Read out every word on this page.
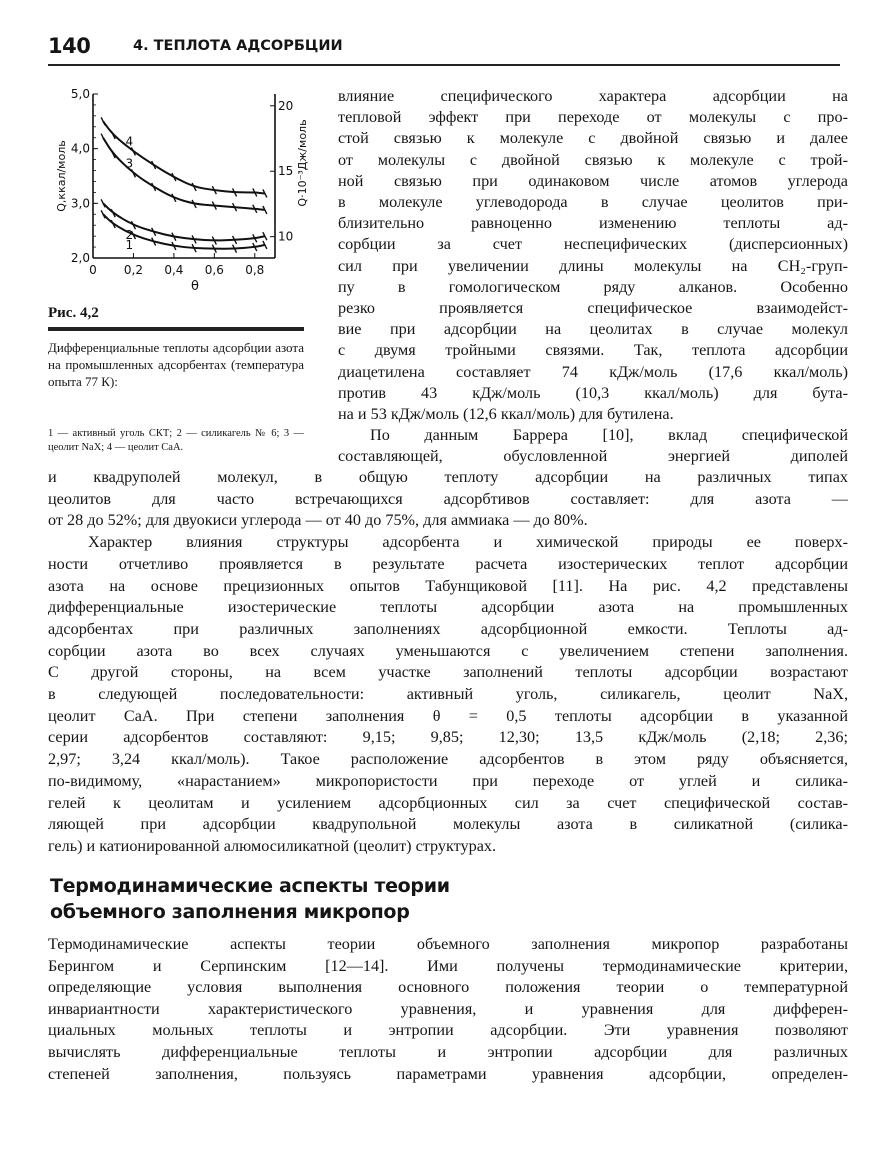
140	4. ТЕПЛОТА АДСОРБЦИИ
0 0,2 0,4 0,6 0,8
2,0
3,0
4,0
5,0
10
15
20
Q,ккал/моль	Q·10⁻³Дж/моль
θ
1
2
3
4
Рис. 4,2
Дифференциальные теплоты адсорбции азота на промышленных адсорбентах (температура опыта 77 К):
1 — активный уголь СКТ; 2 — силикагель № 6; 3 — цеолит NaX; 4 — цеолит CaA.
влияние специфического характера адсорбции на
тепловой эффект при переходе от молекулы с про-
стой связью к молекуле с двойной связью и далее
от молекулы с двойной связью к молекуле с трой-
ной связью при одинаковом числе атомов углерода
в молекуле углеводорода в случае цеолитов при-
близительно равноценно изменению теплоты ад-
сорбции за счет неспецифических (дисперсионных)
сил при увеличении длины молекулы на CH₂-груп-
пу в гомологическом ряду алканов. Особенно
резко проявляется специфическое взаимодейст-
вие при адсорбции на цеолитах в случае молекул
с двумя тройными связями. Так, теплота адсорбции
диацетилена составляет 74 кДж/моль (17,6 ккал/моль)
против 43 кДж/моль (10,3 ккал/моль) для бута-
на и 53 кДж/моль (12,6 ккал/моль) для бутилена.
По данным Баррера [10], вклад специфической
составляющей, обусловленной энергией диполей
и квадруполей молекул, в общую теплоту адсорбции на различных типах
цеолитов для часто встречающихся адсорбтивов составляет: для азота —
от 28 до 52%; для двуокиси углерода — от 40 до 75%, для аммиака — до 80%.
Характер влияния структуры адсорбента и химической природы ее поверх-
ности отчетливо проявляется в результате расчета изостерических теплот адсорбции
азота на основе прецизионных опытов Табунщиковой [11]. На рис. 4,2 представлены
дифференциальные изостерические теплоты адсорбции азота на промышленных
адсорбентах при различных заполнениях адсорбционной емкости. Теплоты ад-
сорбции азота во всех случаях уменьшаются с увеличением степени заполнения.
С другой стороны, на всем участке заполнений теплоты адсорбции возрастают
в следующей последовательности: активный уголь, силикагель, цеолит NaX,
цеолит CaA. При степени заполнения θ = 0,5 теплоты адсорбции в указанной
серии адсорбентов составляют: 9,15; 9,85; 12,30; 13,5 кДж/моль (2,18; 2,36;
2,97; 3,24 ккал/моль). Такое расположение адсорбентов в этом ряду объясняется,
по-видимому, «нарастанием» микропористости при переходе от углей и силика-
гелей к цеолитам и усилением адсорбционных сил за счет специфической состав-
ляющей при адсорбции квадрупольной молекулы азота в силикатной (силика-
гель) и катионированной алюмосиликатной (цеолит) структурах.
Термодинамические аспекты теории
объемного заполнения микропор
Термодинамические аспекты теории объемного заполнения микропор разработаны
Берингом и Серпинским [12—14]. Ими получены термодинамические критерии,
определяющие условия выполнения основного положения теории о температурной
инвариантности характеристического уравнения, и уравнения для дифферен-
циальных мольных теплоты и энтропии адсорбции. Эти уравнения позволяют
вычислять дифференциальные теплоты и энтропии адсорбции для различных
степеней заполнения, пользуясь параметрами уравнения адсорбции, определен-
